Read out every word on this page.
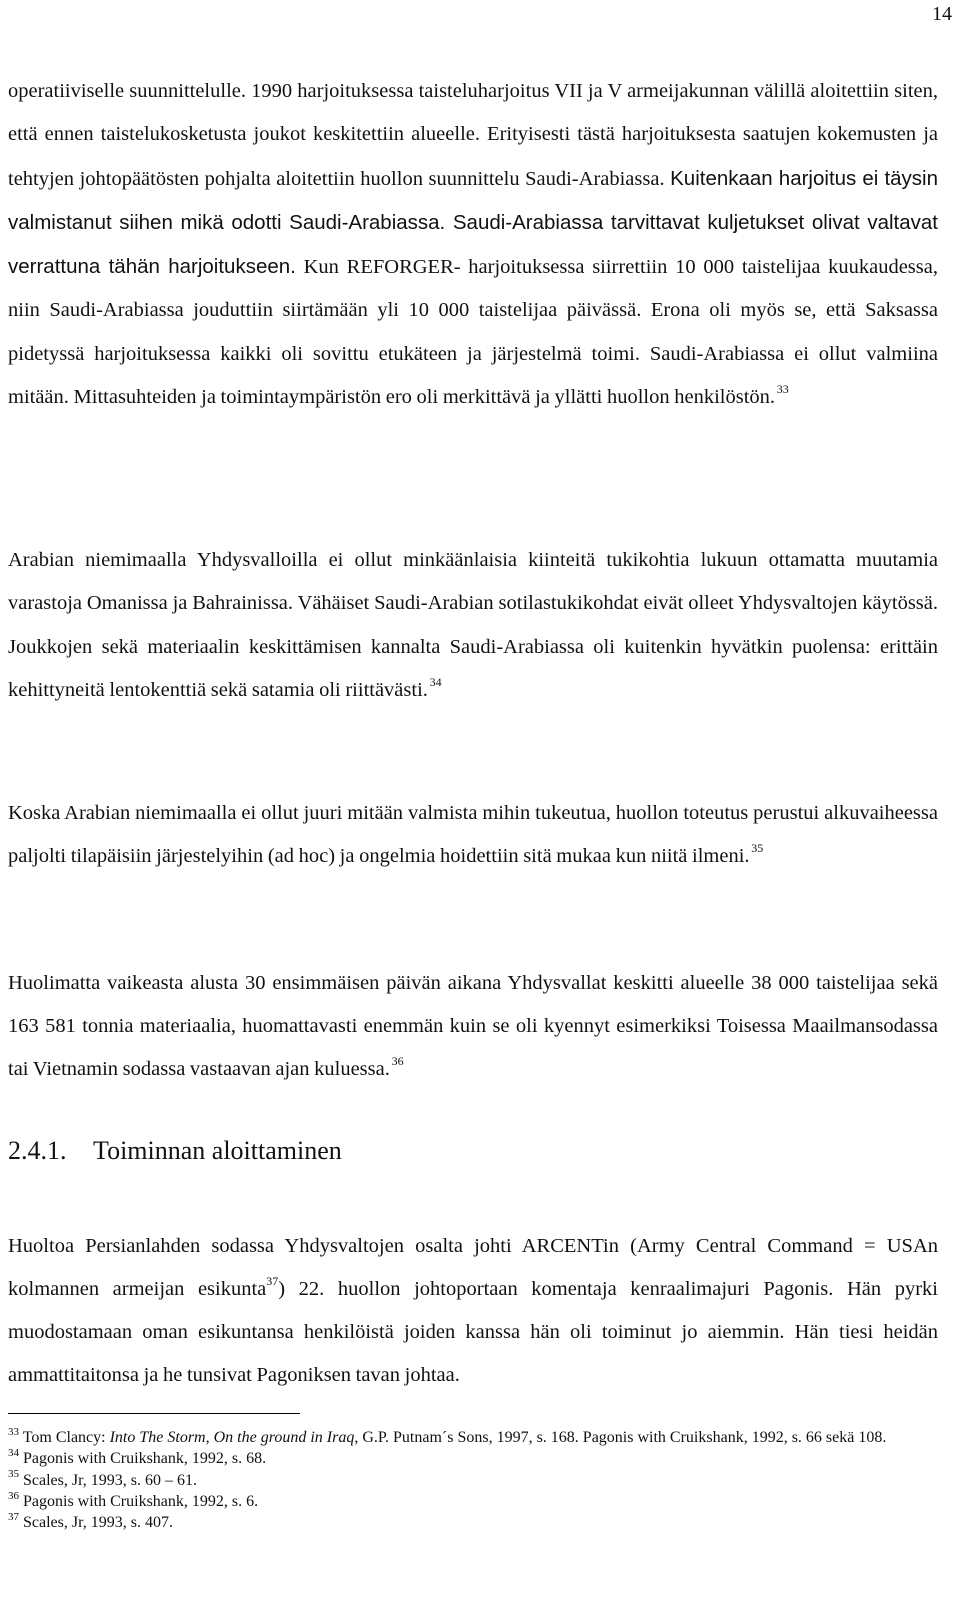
14

operatiiviselle suunnittelulle. 1990 harjoituksessa taisteluharjoitus VII ja V armeijakunnan välillä aloitettiin siten, että ennen taistelukosketusta joukot keskitettiin alueelle. Erityisesti tästä harjoituksesta saatujen kokemusten ja tehtyjen johtopäätösten pohjalta aloitettiin huollon suunnittelu Saudi-Arabiassa. Kuitenkaan harjoitus ei täysin valmistanut siihen mikä odotti Saudi-Arabiassa. Saudi-Arabiassa tarvittavat kuljetukset olivat valtavat verrattuna tähän harjoitukseen. Kun REFORGER- harjoituksessa siirrettiin 10 000 taistelijaa kuukaudessa, niin Saudi-Arabiassa jouduttiin siirtämään yli 10 000 taistelijaa päivässä. Erona oli myös se, että Saksassa pidetyssä harjoituksessa kaikki oli sovittu etukäteen ja järjestelmä toimi. Saudi-Arabiassa ei ollut valmiina mitään. Mittasuhteiden ja toimintaympäristön ero oli merkittävä ja yllätti huollon henkilöstön.  $^{33}$

Arabian niemimaalla Yhdysvalloilla ei ollut minkäänlaisia kiinteitä tukikohtia lukuun ottamatta muutamia varastoja Omanissa ja Bahrainissa. Vähäiset Saudi-Arabian sotilastukikohdat eivät olleet Yhdysvaltojen käytössä. Joukkojen sekä materiaalin keskittämisen kannalta Saudi-Arabiassa oli kuitenkin hyvätkin puolensa: erittäin kehittyneitä lentokenttiä sekä satamia oli riittävästi.  $^{34}$

Koska Arabian niemimaalla ei ollut juuri mitään valmista mihin tukeutua, huollon toteutus perustui alkuvaiheessa paljolti tilapäisiin järjestelyihin (ad hoc) ja ongelmia hoidettiin sitä mukaa kun niitä ilmeni.  $^{35}$

Huolimatta vaikeasta alusta 30 ensimmäisen päivän aikana Yhdysvallat keskitti alueelle 38 000 taistelijaa sekä 163 581 tonnia materiaalia, huomattavasti enemmän kuin se oli kyennyt esimerkiksi Toisessa Maailmansodassa tai Vietnamin sodassa vastaavan ajan kuluessa.  $^{36}$

2.4.1. Toiminnan aloittaminen

Huoltoa Persianlahden sodassa Yhdysvaltojen osalta johti ARCENTin (Army Central Command = USAn kolmannen armeijan esikunta$^{37}$) 22. huollon johtoportaan komentaja kenraalimajuri Pagonis. Hän pyrki muodostamaan oman esikuntansa henkilöistä joiden kanssa hän oli toiminut jo aiemmin. Hän tiesi heidän ammattitaitonsa ja he tunsivat Pagoniksen tavan johtaa.

$^{33}$ Tom Clancy: Into The Storm, On the ground in Iraq, G.P. Putnam´s Sons, 1997, s. 168. Pagonis with Cruikshank, 1992, s. 66 sekä 108.

$^{34}$ Pagonis with Cruikshank, 1992, s. 68.

$^{35}$ Scales, Jr, 1993, s. 60 – 61.

$^{36}$ Pagonis with Cruikshank, 1992, s. 6.

$^{37}$ Scales, Jr, 1993, s. 407.
